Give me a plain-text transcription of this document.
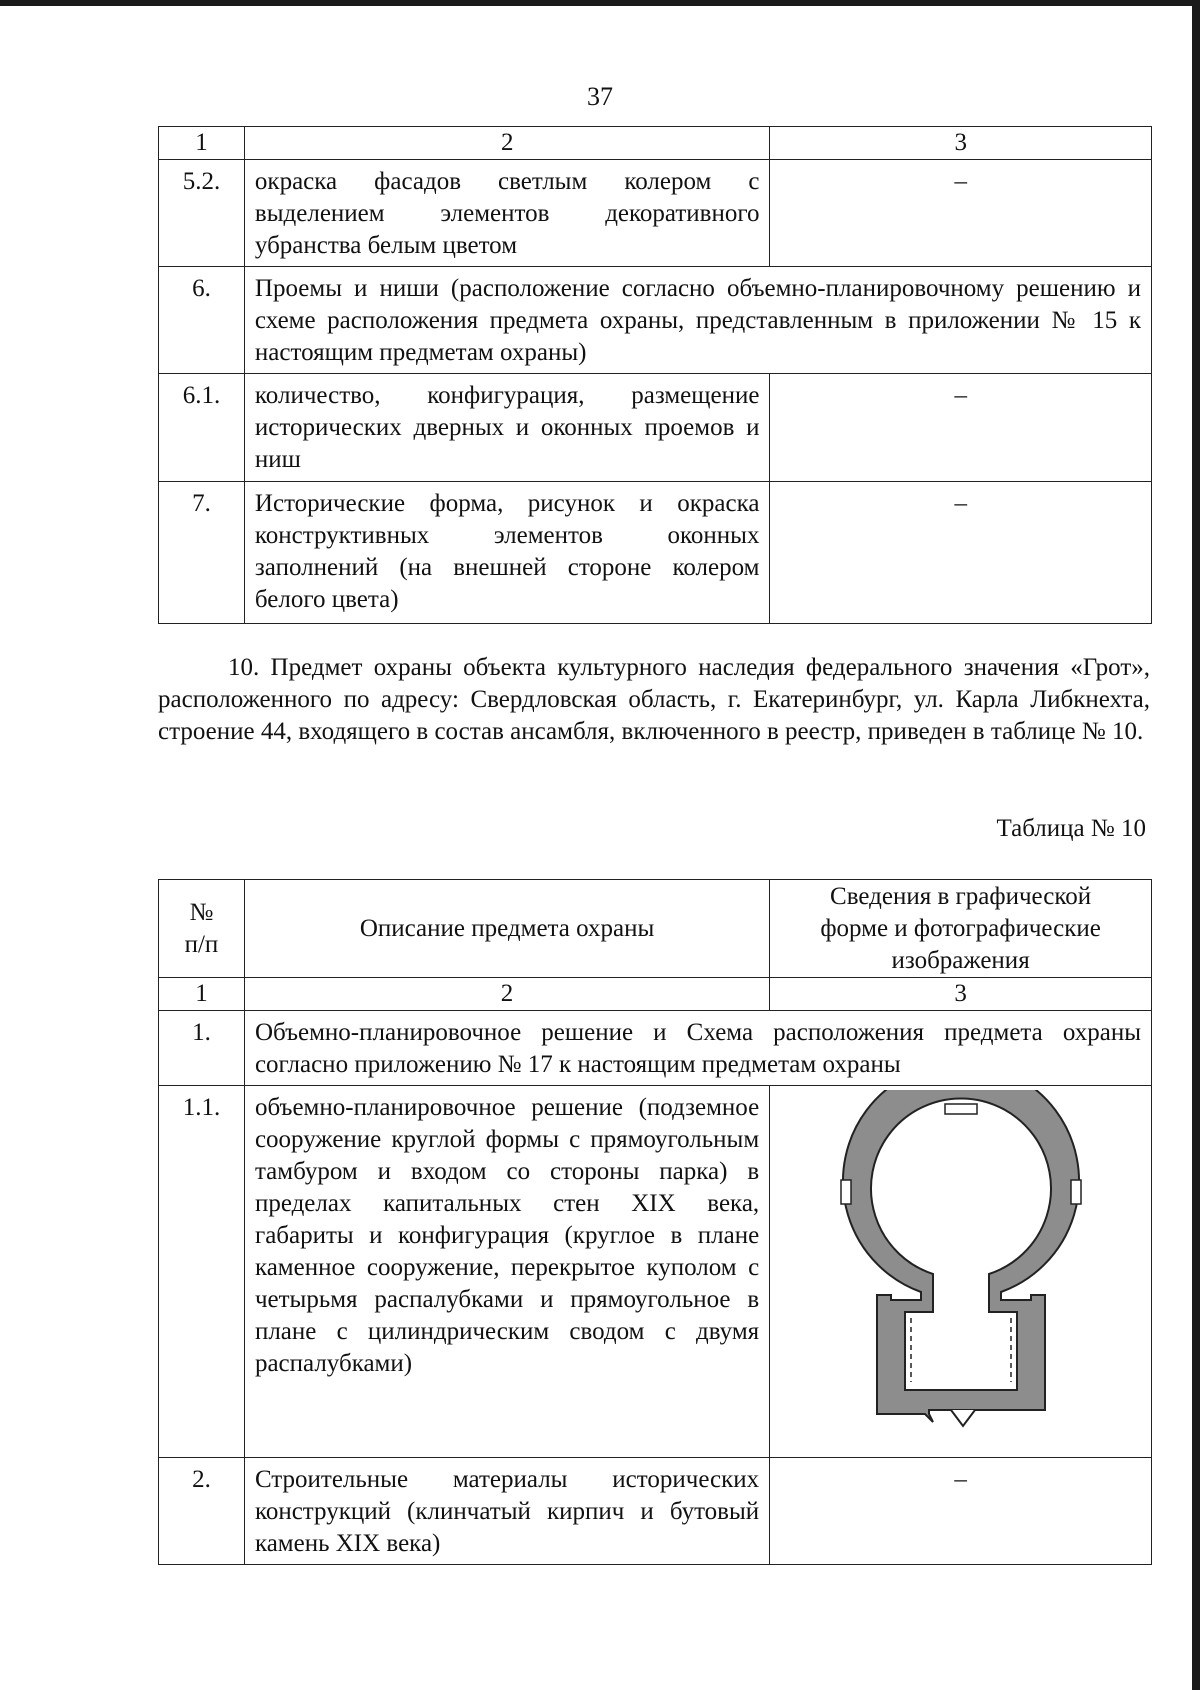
37
1	2	3
5.2.	окраска фасадов светлым колером с выделением элементов декоративного убранства белым цветом	–
6.	Проемы и ниши (расположение согласно объемно-планировочному решению и схеме расположения предмета охраны, представленным в приложении № 15 к настоящим предметам охраны)	
6.1.	количество, конфигурация, размещение исторических дверных и оконных проемов и ниш	–
7.	Исторические форма, рисунок и окраска конструктивных элементов оконных заполнений (на внешней стороне колером белого цвета)	–

10. Предмет охраны объекта культурного наследия федерального значения «Грот», расположенного по адресу: Свердловская область, г. Екатеринбург, ул. Карла Либкнехта, строение 44, входящего в состав ансамбля, включенного в реестр, приведен в таблице № 10.

Таблица № 10
№ п/п	Описание предмета охраны	Сведения в графической форме и фотографические изображения
1	2	3
1.	Объемно-планировочное решение и Схема расположения предмета охраны согласно приложению № 17 к настоящим предметам охраны	
1.1.	объемно-планировочное решение (подземное сооружение круглой формы с прямоугольным тамбуром и входом со стороны парка) в пределах капитальных стен XIX века, габариты и конфигурация (круглое в плане каменное сооружение, перекрытое куполом с четырьмя распалубками и прямоугольное в плане с цилиндрическим сводом с двумя распалубками)	

2.	Строительные материалы исторических конструкций (клинчатый кирпич и бутовый камень XIX века)	–
